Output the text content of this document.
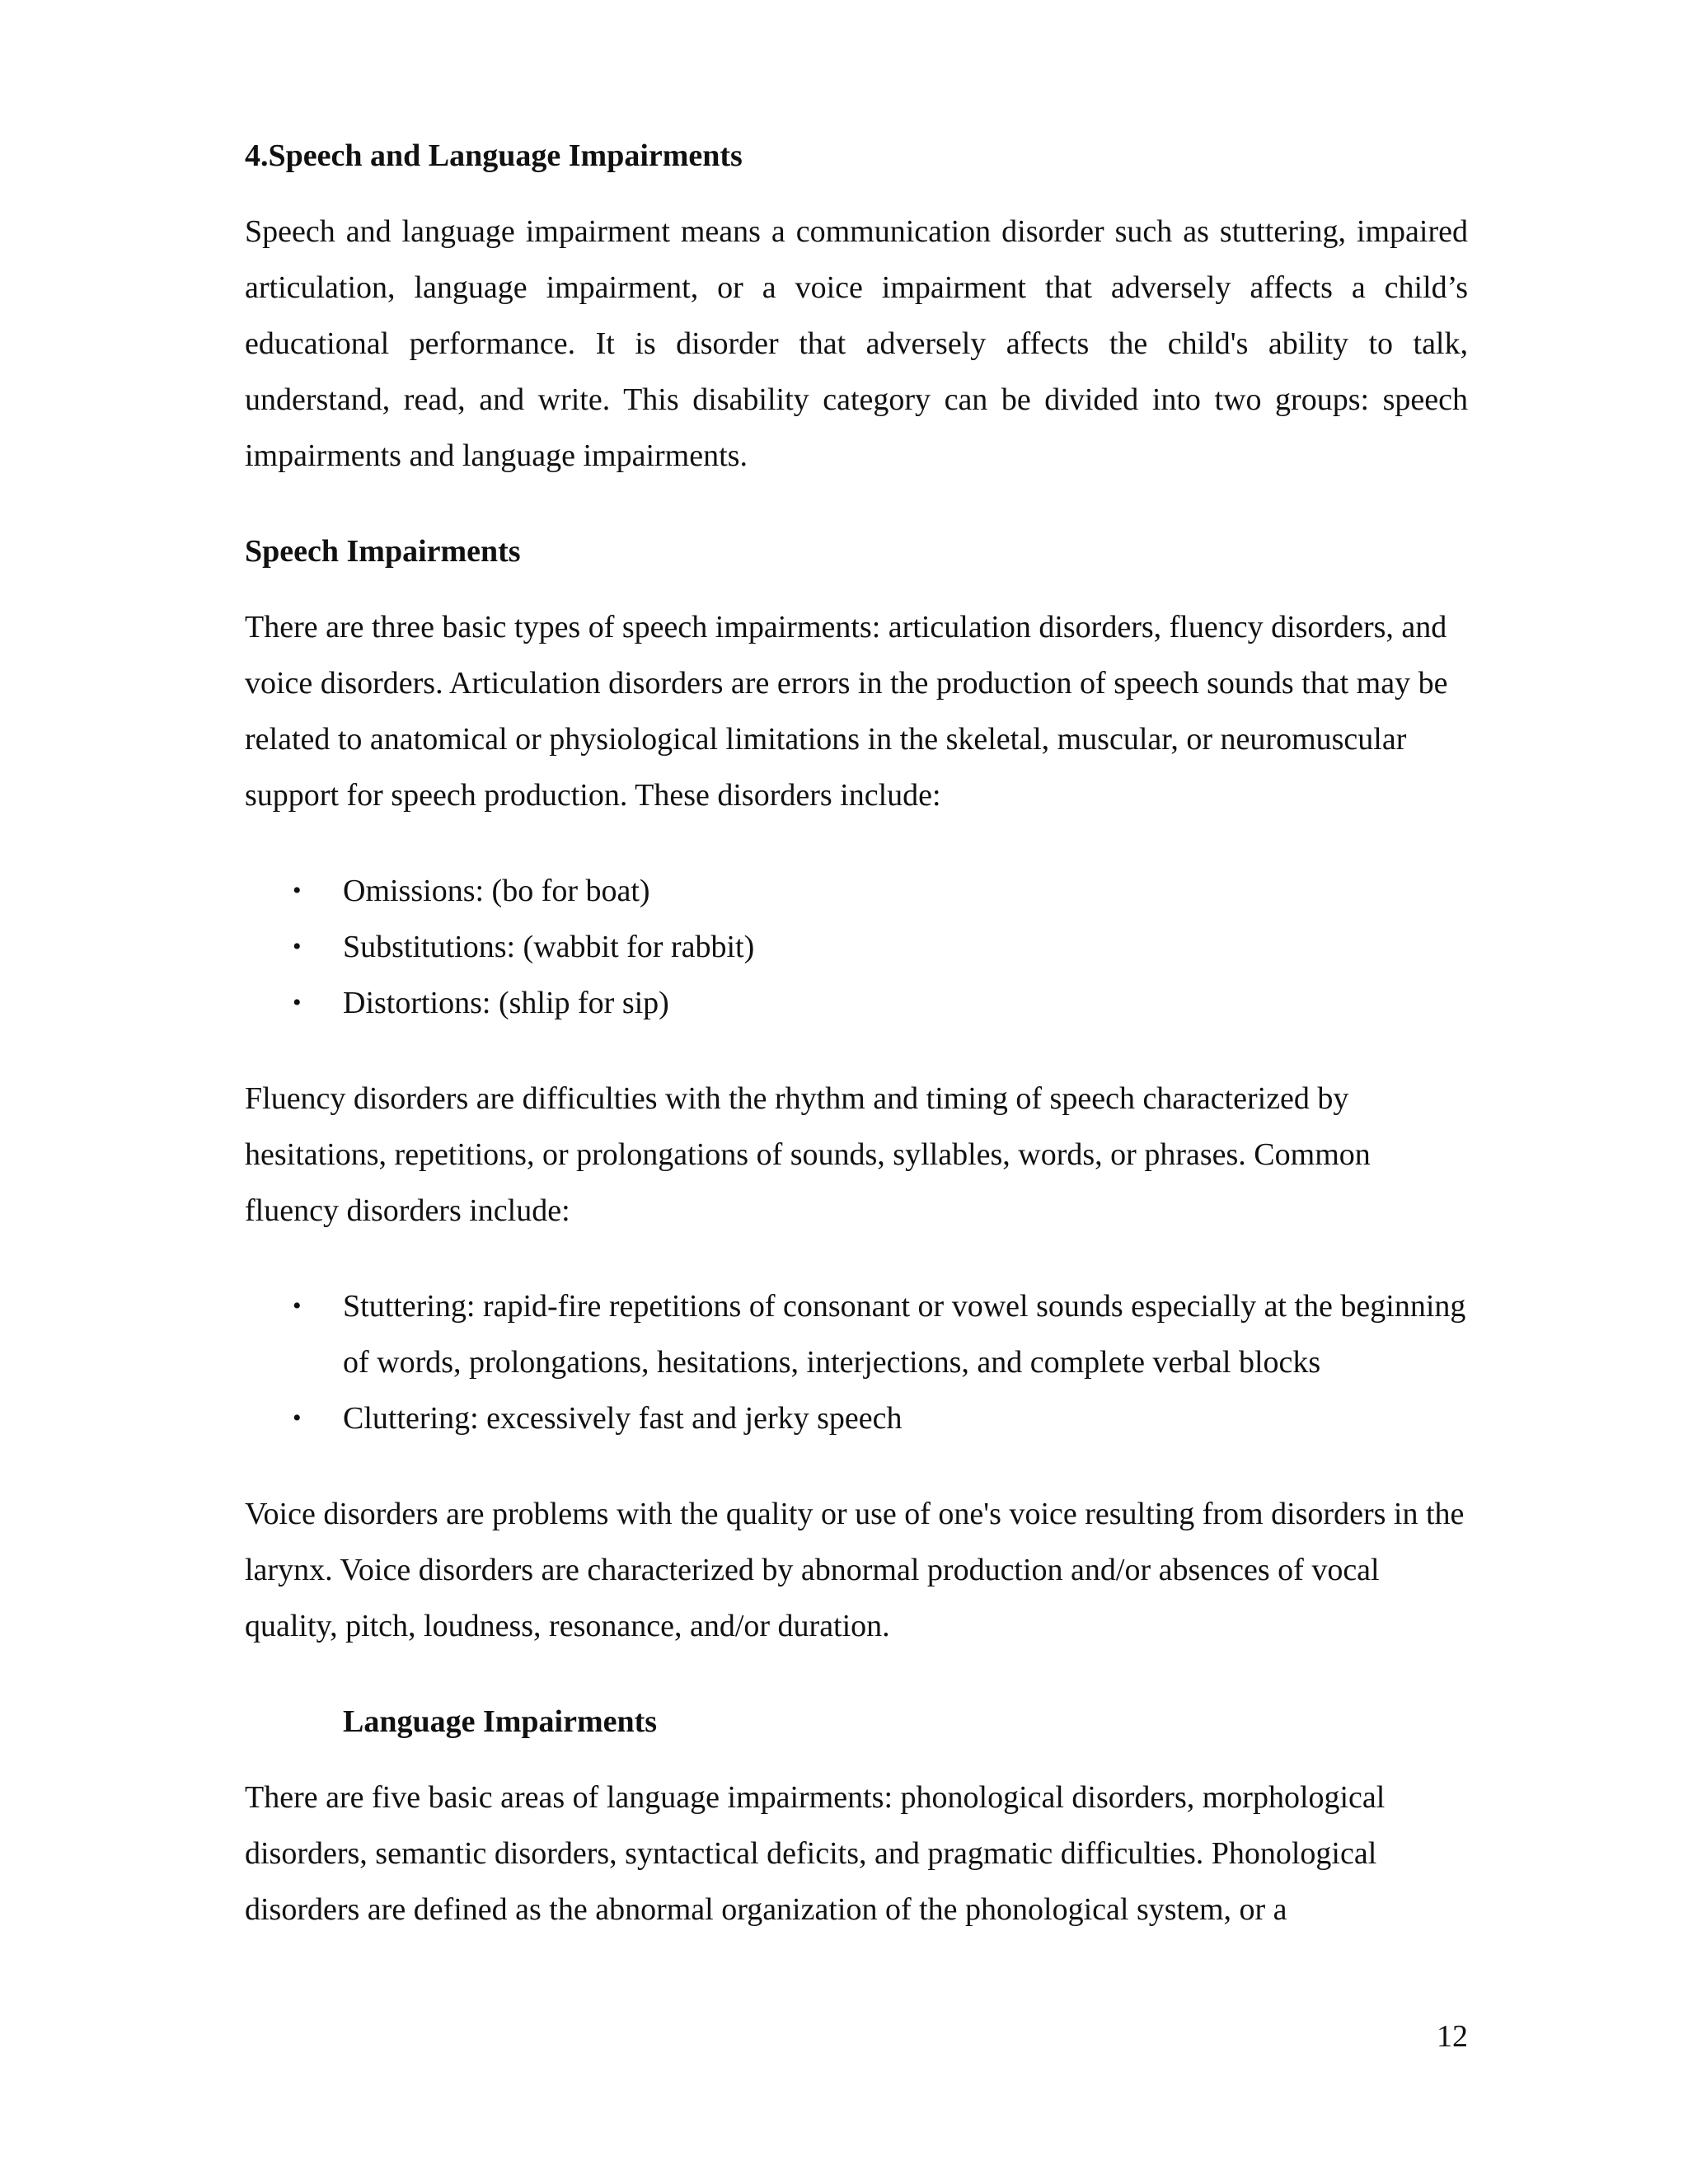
4.Speech and Language Impairments

Speech and language impairment means a communication disorder such as stuttering, impaired articulation, language impairment, or a voice impairment that adversely affects a child’s educational performance. It is disorder that adversely affects the child's ability to talk, understand, read, and write. This disability category can be divided into two groups: speech impairments and language impairments.

Speech Impairments

There are three basic types of speech impairments: articulation disorders, fluency disorders, and voice disorders. Articulation disorders are errors in the production of speech sounds that may be related to anatomical or physiological limitations in the skeletal, muscular, or neuromuscular support for speech production. These disorders include:

• Omissions: (bo for boat)
• Substitutions: (wabbit for rabbit)
• Distortions: (shlip for sip)

Fluency disorders are difficulties with the rhythm and timing of speech characterized by hesitations, repetitions, or prolongations of sounds, syllables, words, or phrases. Common fluency disorders include:

• Stuttering: rapid-fire repetitions of consonant or vowel sounds especially at the beginning of words, prolongations, hesitations, interjections, and complete verbal blocks
• Cluttering: excessively fast and jerky speech

Voice disorders are problems with the quality or use of one's voice resulting from disorders in the larynx. Voice disorders are characterized by abnormal production and/or absences of vocal quality, pitch, loudness, resonance, and/or duration.

Language Impairments

There are five basic areas of language impairments: phonological disorders, morphological disorders, semantic disorders, syntactical deficits, and pragmatic difficulties. Phonological disorders are defined as the abnormal organization of the phonological system, or a

12
